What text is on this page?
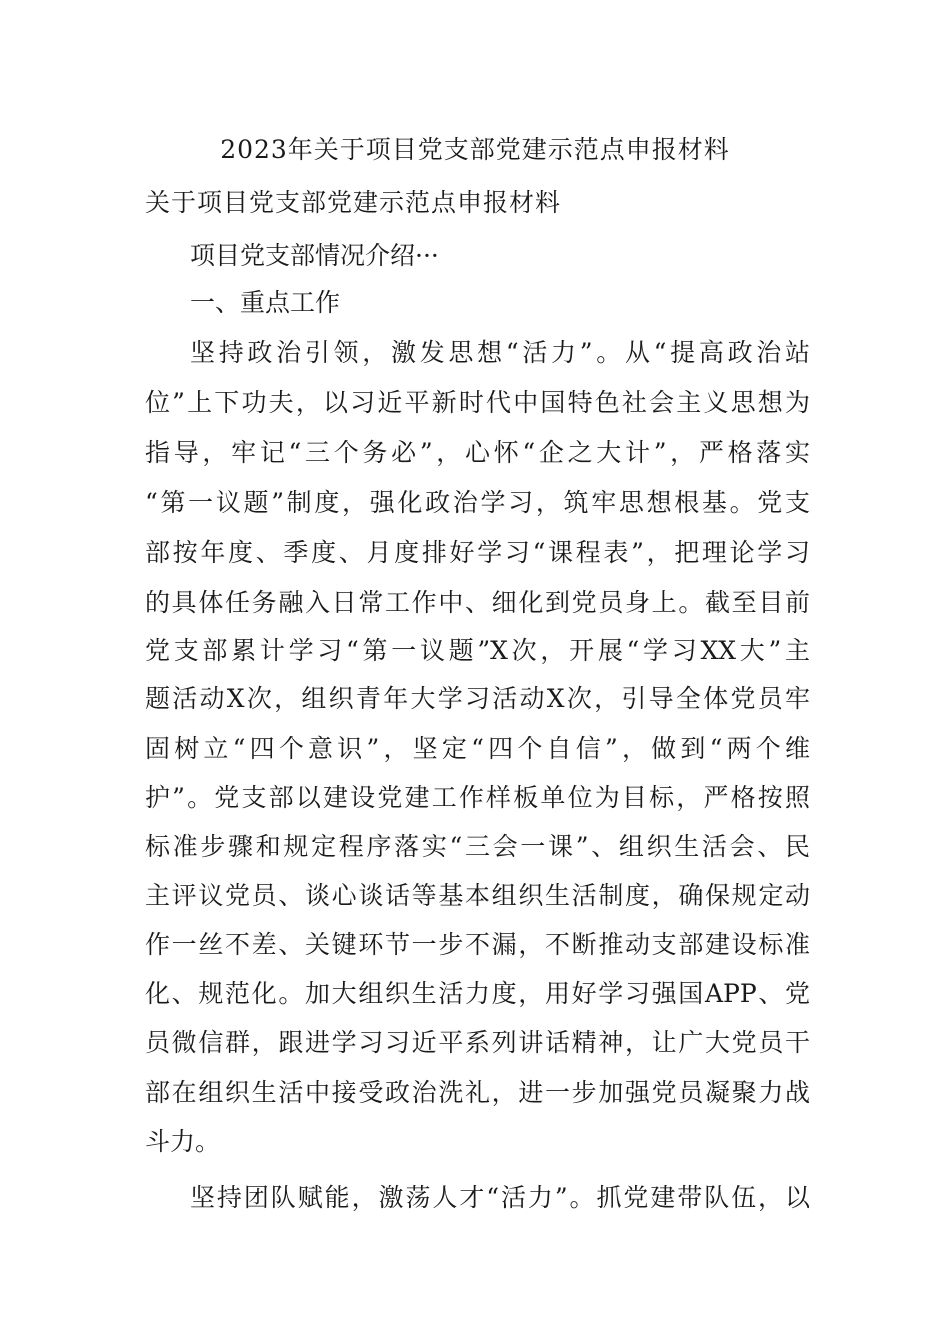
2023年关于项目党支部党建示范点申报材料
关于项目党支部党建示范点申报材料
项目党支部情况介绍···
一、重点工作
坚持政治引领，激发思想“活力”。从“提高政治站
位”上下功夫，以习近平新时代中国特色社会主义思想为
指导，牢记“三个务必”，心怀“企之大计”，严格落实
“第一议题”制度，强化政治学习，筑牢思想根基。党支
部按年度、季度、月度排好学习“课程表”，把理论学习
的具体任务融入日常工作中、细化到党员身上。截至目前
党支部累计学习“第一议题”X次，开展“学习XX大”主
题活动X次，组织青年大学习活动X次，引导全体党员牢
固树立“四个意识”，坚定“四个自信”，做到“两个维
护”。党支部以建设党建工作样板单位为目标，严格按照
标准步骤和规定程序落实“三会一课”、组织生活会、民
主评议党员、谈心谈话等基本组织生活制度，确保规定动
作一丝不差、关键环节一步不漏，不断推动支部建设标准
化、规范化。加大组织生活力度，用好学习强国APP、党
员微信群，跟进学习习近平系列讲话精神，让广大党员干
部在组织生活中接受政治洗礼，进一步加强党员凝聚力战
斗力。
坚持团队赋能，激荡人才“活力”。抓党建带队伍，以
